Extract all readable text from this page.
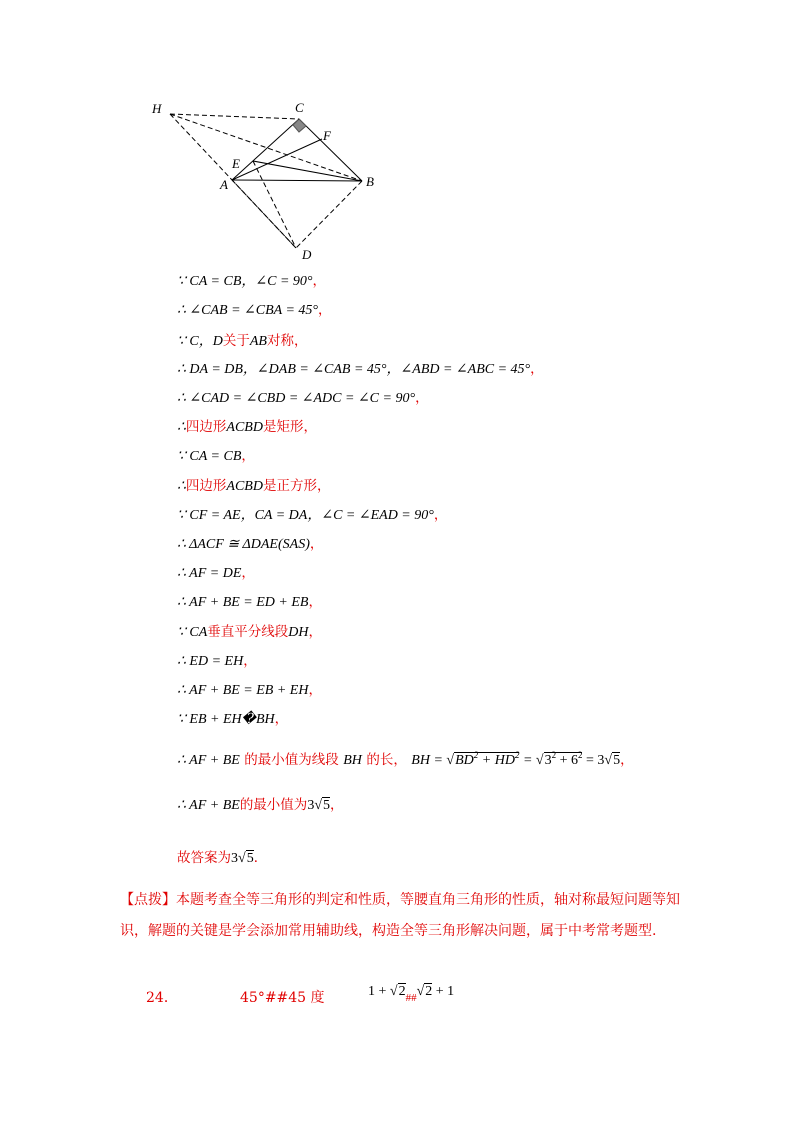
H	C
F
E
A	B
D
∵ CA = CB，∠C = 90°，
∴ ∠CAB = ∠CBA = 45°，
∵ C，D关于AB对称，
∴ DA = DB，∠DAB = ∠CAB = 45°，∠ABD = ∠ABC = 45°，
∴ ∠CAD = ∠CBD = ∠ADC = ∠C = 90°，
∴四边形ACBD是矩形，
∵ CA = CB，
∴四边形ACBD是正方形，
∵ CF = AE，CA = DA，∠C = ∠EAD = 90°，
∴ ΔACF ≅ ΔDAE(SAS)，
∴ AF = DE，
∴ AF + BE = ED + EB，
∵ CA垂直平分线段DH，
∴ ED = EH，
∴ AF + BE = EB + EH，
∵ EB + EH�BH，
∴ AF + BE 的最小值为线段 BH 的长， BH = $√BD^2 + HD^2 = √3^2 + 6^2 = 3√5$，
∴ AF + BE的最小值为3√5，
故答案为3√5．
【点拨】本题考查全等三角形的判定和性质，等腰直角三角形的性质，轴对称最短问题等知识，解题的关键是学会添加常用辅助线，构造全等三角形解决问题，属于中考常考题型.
24．	45°##45 度	$1 + √2_{\#\#}√2 + 1$
